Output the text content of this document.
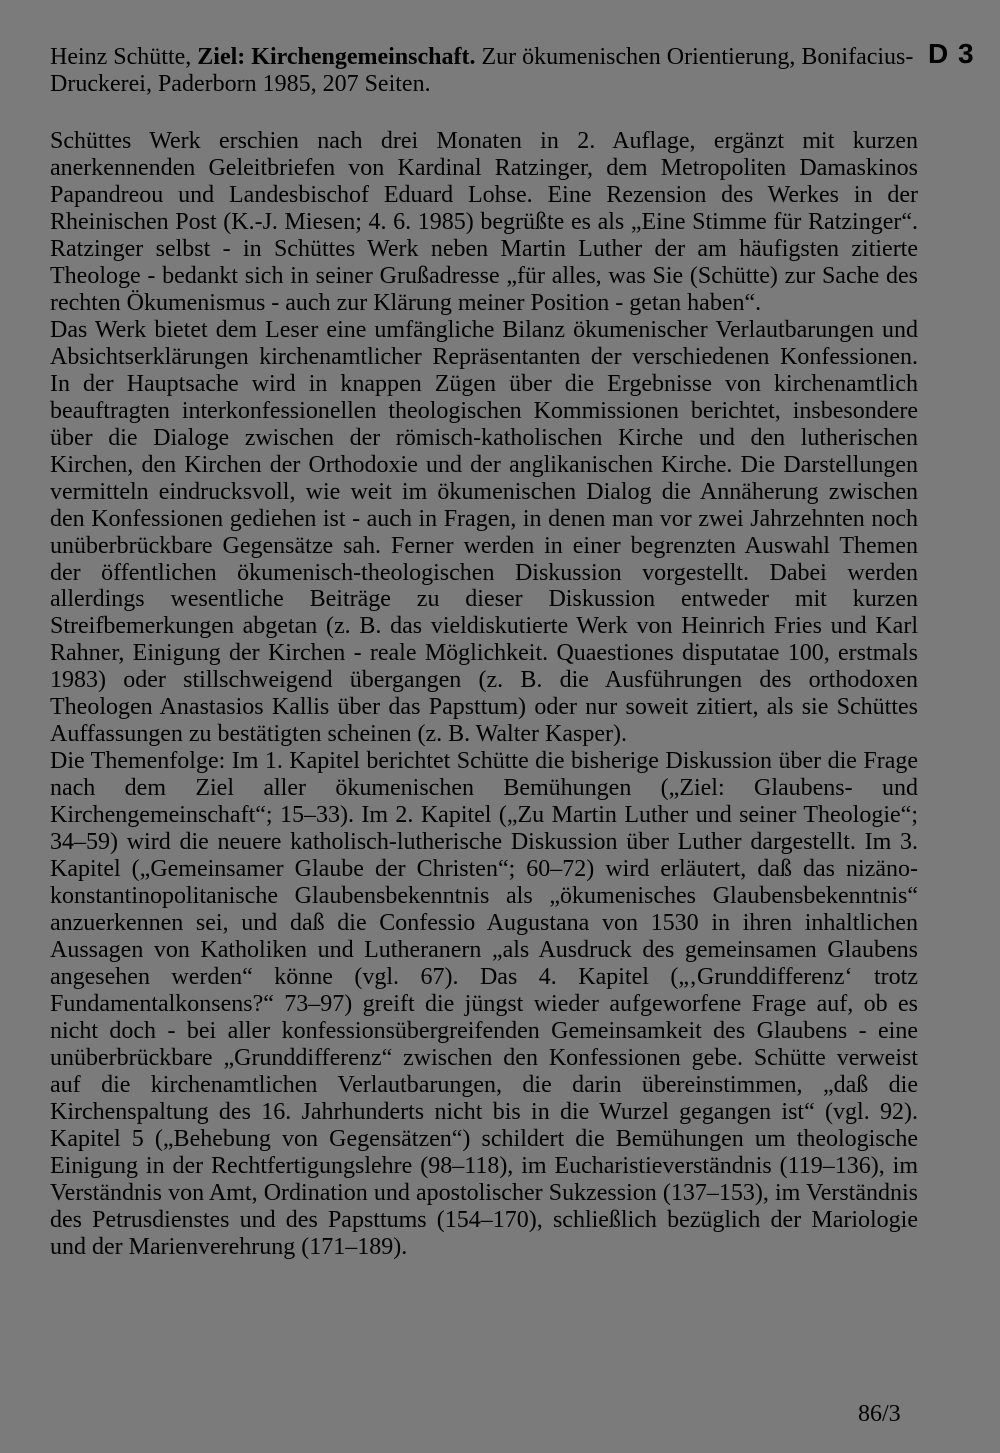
D 3
Heinz Schütte, Ziel: Kirchengemeinschaft. Zur ökumenischen Orientierung, Bonifacius-Druckerei, Paderborn 1985, 207 Seiten.

Schüttes Werk erschien nach drei Monaten in 2. Auflage, ergänzt mit kurzen anerkennenden Geleitbriefen von Kardinal Ratzinger, dem Metropoliten Damaskinos Papandreou und Landesbischof Eduard Lohse. Eine Rezension des Werkes in der Rheinischen Post (K.-J. Miesen; 4. 6. 1985) begrüßte es als „Eine Stimme für Ratzinger“. Ratzinger selbst - in Schüttes Werk neben Martin Luther der am häufigsten zitierte Theologe - bedankt sich in seiner Grußadresse „für alles, was Sie (Schütte) zur Sache des rechten Ökumenismus - auch zur Klärung meiner Position - getan haben“.

Das Werk bietet dem Leser eine umfängliche Bilanz ökumenischer Verlautbarungen und Absichtserklärungen kirchenamtlicher Repräsentanten der verschiedenen Konfessionen. In der Hauptsache wird in knappen Zügen über die Ergebnisse von kirchenamtlich beauftragten interkonfessionellen theologischen Kommissionen berichtet, insbesondere über die Dialoge zwischen der römisch-katholischen Kirche und den lutherischen Kirchen, den Kirchen der Orthodoxie und der anglikanischen Kirche. Die Darstellungen vermitteln eindrucksvoll, wie weit im ökumenischen Dialog die Annäherung zwischen den Konfessionen gediehen ist - auch in Fragen, in denen man vor zwei Jahrzehnten noch unüberbrückbare Gegensätze sah. Ferner werden in einer begrenzten Auswahl Themen der öffentlichen ökumenisch-theologischen Diskussion vorgestellt. Dabei werden allerdings wesentliche Beiträge zu dieser Diskussion entweder mit kurzen Streifbemerkungen abgetan (z. B. das vieldiskutierte Werk von Heinrich Fries und Karl Rahner, Einigung der Kirchen - reale Möglichkeit. Quaestiones disputatae 100, erstmals 1983) oder stillschweigend übergangen (z. B. die Ausführungen des orthodoxen Theologen Anastasios Kallis über das Papsttum) oder nur soweit zitiert, als sie Schüttes Auffassungen zu bestätigten scheinen (z. B. Walter Kasper).

Die Themenfolge: Im 1. Kapitel berichtet Schütte die bisherige Diskussion über die Frage nach dem Ziel aller ökumenischen Bemühungen („Ziel: Glaubens- und Kirchengemeinschaft“; 15–33). Im 2. Kapitel („Zu Martin Luther und seiner Theologie“; 34–59) wird die neuere katholisch-lutherische Diskussion über Luther dargestellt. Im 3. Kapitel („Gemeinsamer Glaube der Christen“; 60–72) wird erläutert, daß das nizäno-konstantinopolitanische Glaubensbekenntnis als „ökumenisches Glaubensbekenntnis“ anzuerkennen sei, und daß die Confessio Augustana von 1530 in ihren inhaltlichen Aussagen von Katholiken und Lutheranern „als Ausdruck des gemeinsamen Glaubens angesehen werden“ könne (vgl. 67). Das 4. Kapitel („‚Grunddifferenz‘ trotz Fundamentalkonsens?“ 73–97) greift die jüngst wieder aufgeworfene Frage auf, ob es nicht doch - bei aller konfessionsübergreifenden Gemeinsamkeit des Glaubens - eine unüberbrückbare „Grunddifferenz“ zwischen den Konfessionen gebe. Schütte verweist auf die kirchenamtlichen Verlautbarungen, die darin übereinstimmen, „daß die Kirchenspaltung des 16. Jahrhunderts nicht bis in die Wurzel gegangen ist“ (vgl. 92). Kapitel 5 („Behebung von Gegensätzen“) schildert die Bemühungen um theologische Einigung in der Rechtfertigungslehre (98–118), im Eucharistieverständnis (119–136), im Verständnis von Amt, Ordination und apostolischer Sukzession (137–153), im Verständnis des Petrusdienstes und des Papsttums (154–170), schließlich bezüglich der Mariologie und der Marienverehrung (171–189).

86/3
